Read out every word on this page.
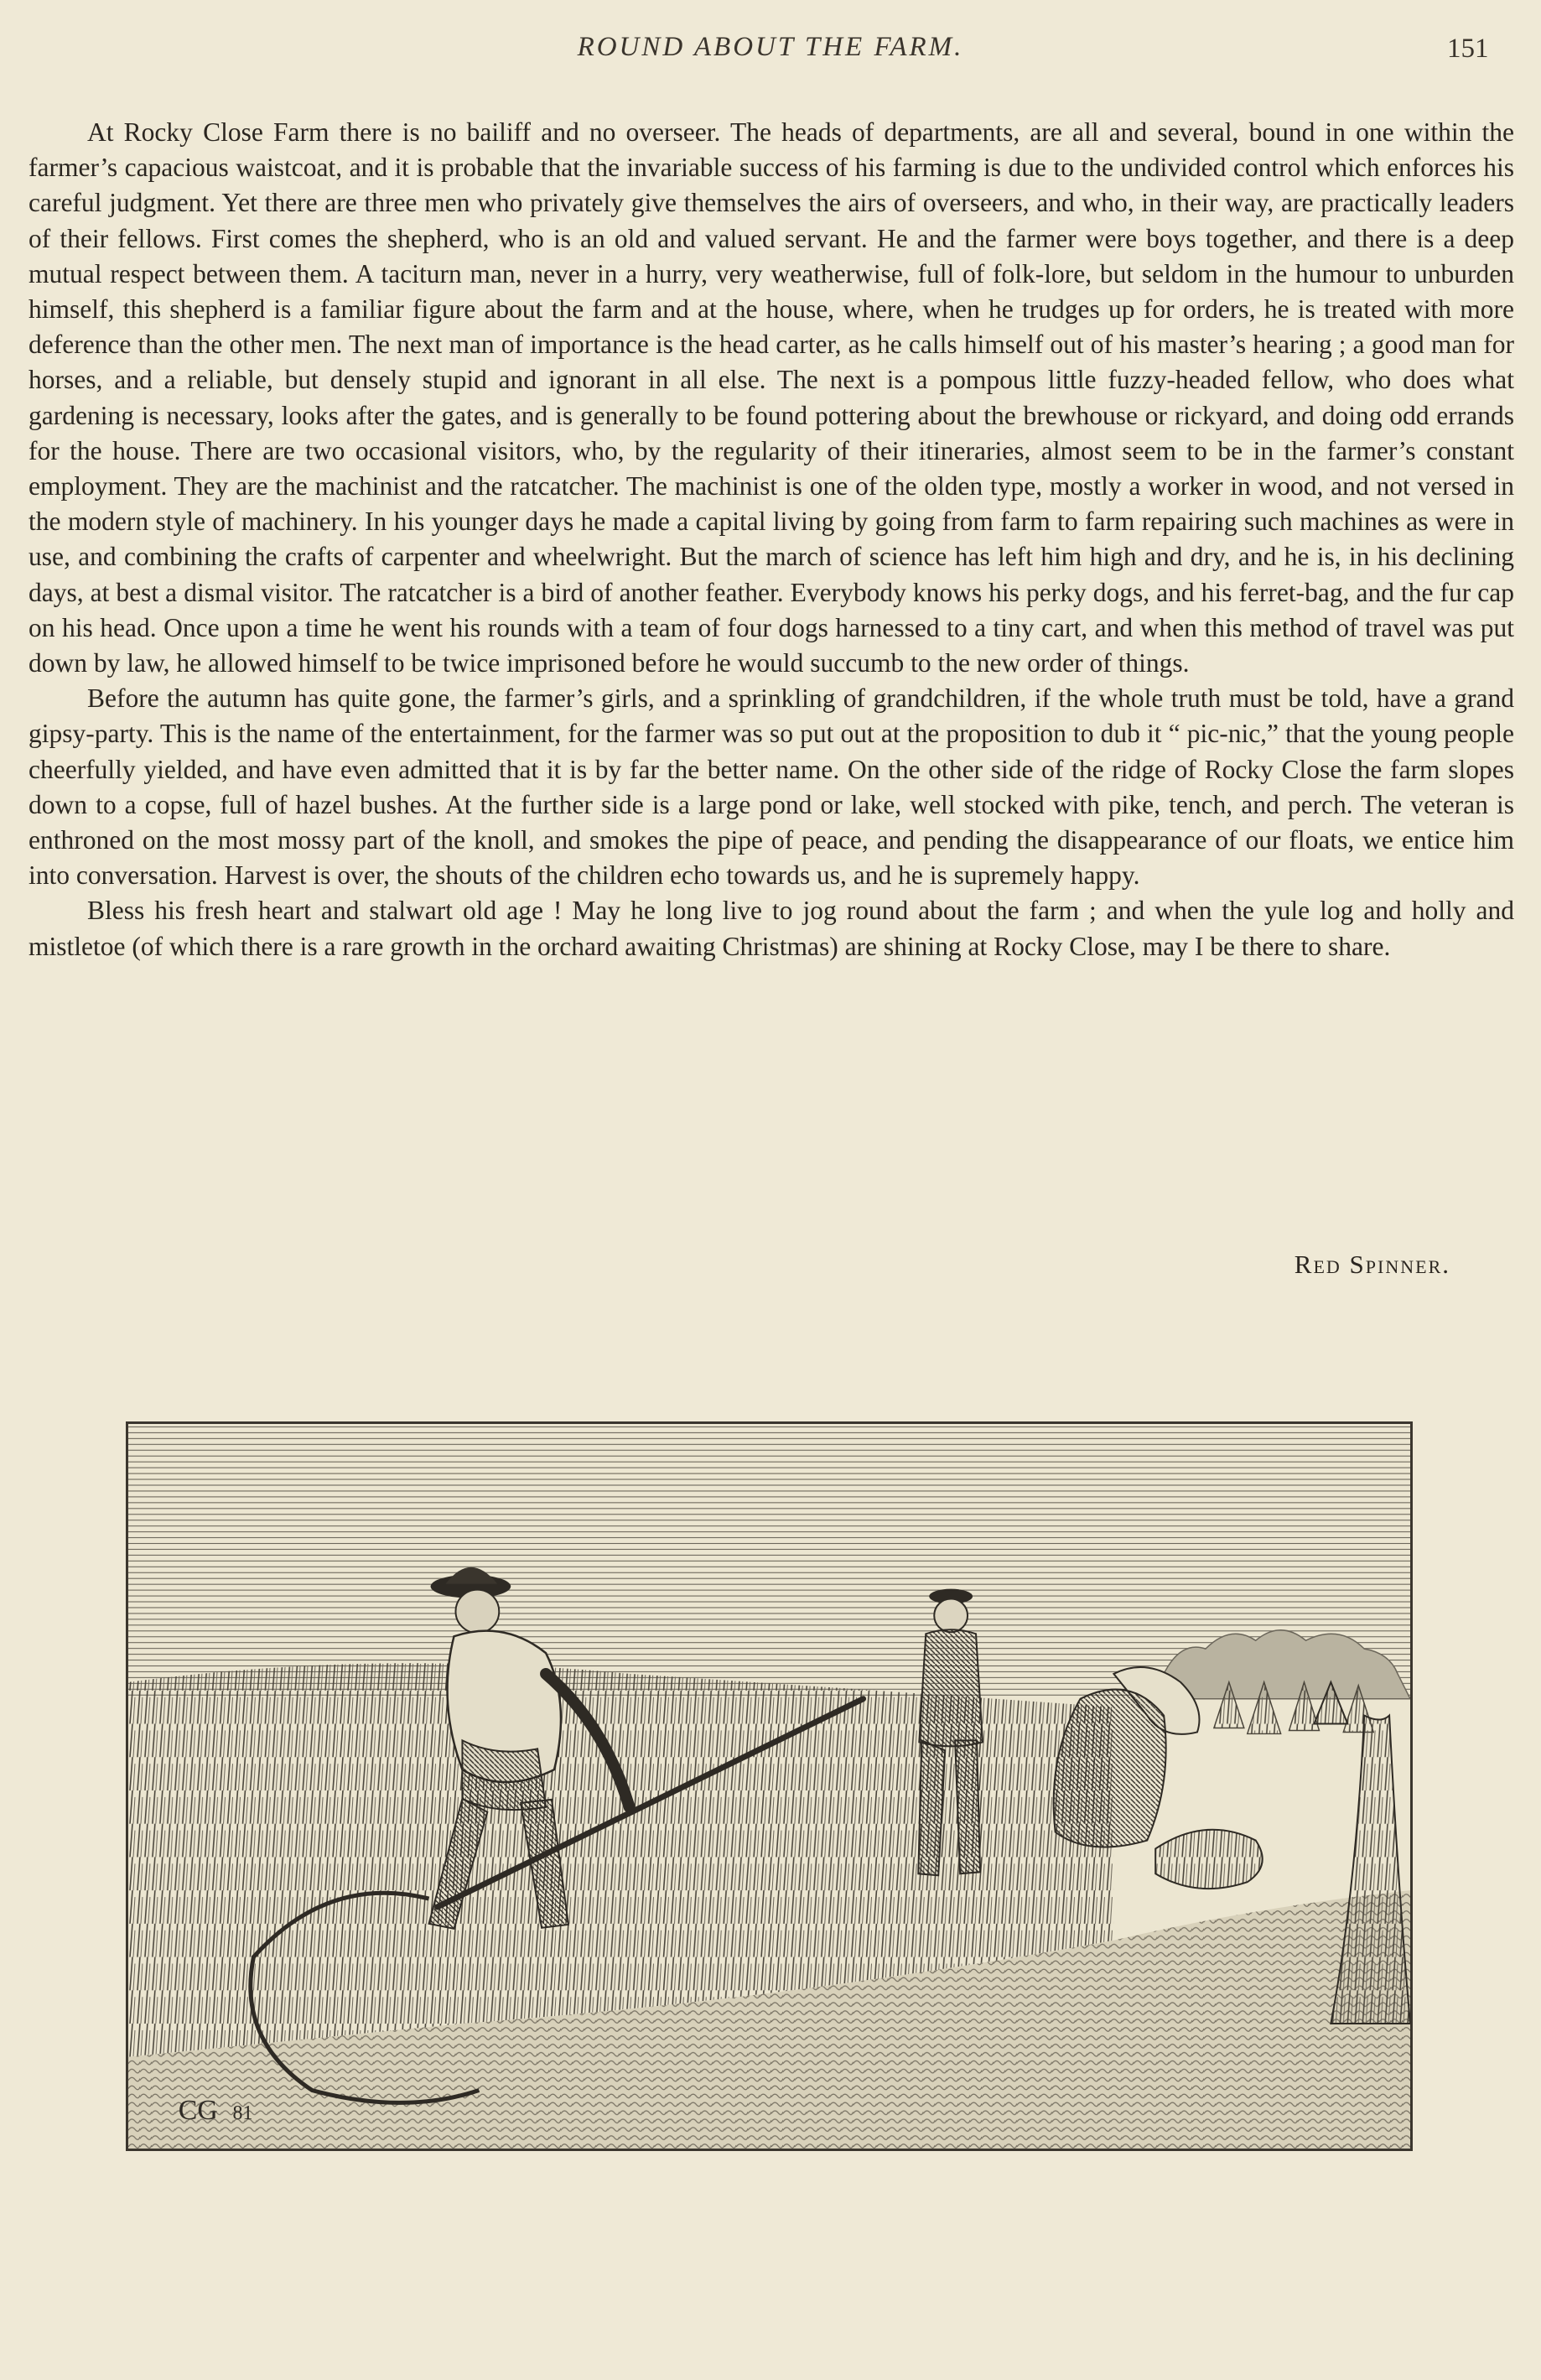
ROUND ABOUT THE FARM.	151

At Rocky Close Farm there is no bailiff and no overseer. The heads of departments, are all and several, bound in one within the farmer’s capacious waistcoat, and it is probable that the invariable success of his farming is due to the undivided control which enforces his careful judgment. Yet there are three men who privately give themselves the airs of overseers, and who, in their way, are practically leaders of their fellows. First comes the shepherd, who is an old and valued servant. He and the farmer were boys together, and there is a deep mutual respect between them. A taciturn man, never in a hurry, very weatherwise, full of folk-lore, but seldom in the humour to unburden himself, this shepherd is a familiar figure about the farm and at the house, where, when he trudges up for orders, he is treated with more deference than the other men. The next man of importance is the head carter, as he calls himself out of his master’s hearing ; a good man for horses, and a reliable, but densely stupid and ignorant in all else. The next is a pompous little fuzzy-headed fellow, who does what gardening is necessary, looks after the gates, and is generally to be found pottering about the brewhouse or rickyard, and doing odd errands for the house. There are two occasional visitors, who, by the regularity of their itineraries, almost seem to be in the farmer’s constant employment. They are the machinist and the ratcatcher. The machinist is one of the olden type, mostly a worker in wood, and not versed in the modern style of machinery. In his younger days he made a capital living by going from farm to farm repairing such machines as were in use, and combining the crafts of carpenter and wheelwright. But the march of science has left him high and dry, and he is, in his declining days, at best a dismal visitor. The ratcatcher is a bird of another feather. Everybody knows his perky dogs, and his ferret-bag, and the fur cap on his head. Once upon a time he went his rounds with a team of four dogs harnessed to a tiny cart, and when this method of travel was put down by law, he allowed himself to be twice imprisoned before he would succumb to the new order of things.

Before the autumn has quite gone, the farmer’s girls, and a sprinkling of grandchildren, if the whole truth must be told, have a grand gipsy-party. This is the name of the entertainment, for the farmer was so put out at the proposition to dub it “ pic-nic,” that the young people cheerfully yielded, and have even admitted that it is by far the better name. On the other side of the ridge of Rocky Close the farm slopes down to a copse, full of hazel bushes. At the further side is a large pond or lake, well stocked with pike, tench, and perch. The veteran is enthroned on the most mossy part of the knoll, and smokes the pipe of peace, and pending the disappearance of our floats, we entice him into conversation. Harvest is over, the shouts of the children echo towards us, and he is supremely happy.

Bless his fresh heart and stalwart old age ! May he long live to jog round about the farm ; and when the yule log and holly and mistletoe (of which there is a rare growth in the orchard awaiting Christmas) are shining at Rocky Close, may I be there to share.

Red Spinner.
CG 81
